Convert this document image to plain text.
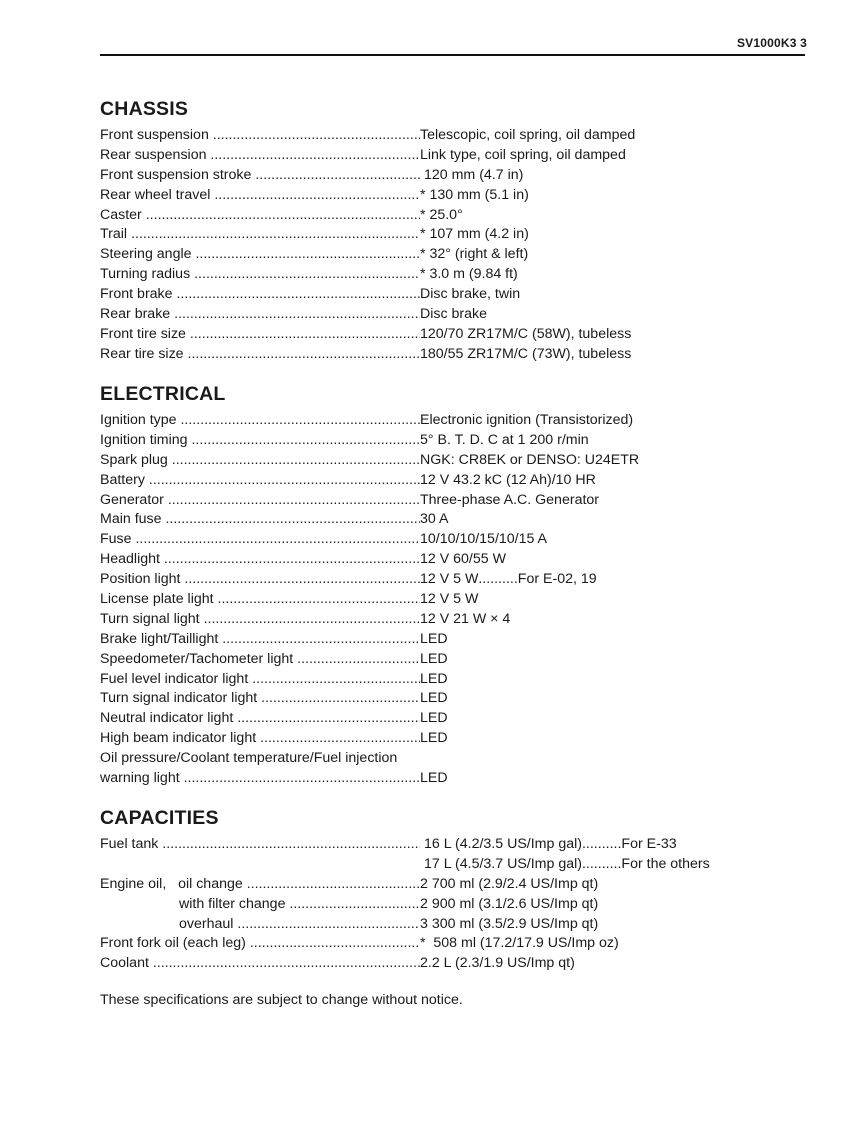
SV1000K3 3
CHASSIS
Front suspension .....	Telescopic, coil spring, oil damped
Rear suspension .....	Link type, coil spring, oil damped
Front suspension stroke .....	120 mm (4.7 in)
Rear wheel travel .....	* 130 mm (5.1 in)
Caster .....	* 25.0°
Trail .....	* 107 mm (4.2 in)
Steering angle .....	* 32° (right & left)
Turning radius .....	* 3.0 m (9.84 ft)
Front brake .....	Disc brake, twin
Rear brake .....	Disc brake
Front tire size .....	120/70 ZR17M/C (58W), tubeless
Rear tire size .....	180/55 ZR17M/C (73W), tubeless
ELECTRICAL
Ignition type .....	Electronic ignition (Transistorized)
Ignition timing .....	5° B. T. D. C at 1 200 r/min
Spark plug .....	NGK: CR8EK or DENSO: U24ETR
Battery .....	12 V 43.2 kC (12 Ah)/10 HR
Generator .....	Three-phase A.C. Generator
Main fuse .....	30 A
Fuse .....	10/10/10/15/10/15 A
Headlight .....	12 V 60/55 W
Position light .....	12 V 5 W .....	For E-02, 19
License plate light .....	12 V 5 W
Turn signal light .....	12 V 21 W × 4
Brake light/Taillight .....	LED
Speedometer/Tachometer light .....	LED
Fuel level indicator light .....	LED
Turn signal indicator light .....	LED
Neutral indicator light .....	LED
High beam indicator light .....	LED
Oil pressure/Coolant temperature/Fuel injection
warning light .....	LED
CAPACITIES
Fuel tank .....	16 L (4.2/3.5 US/Imp gal) .....	For E-33
17 L (4.5/3.7 US/Imp gal) .....	For the others
Engine oil,   oil change .....	2 700 ml (2.9/2.4 US/Imp qt)
with filter change .....	2 900 ml (3.1/2.6 US/Imp qt)
overhaul .....	3 300 ml (3.5/2.9 US/Imp qt)
Front fork oil (each leg) .....	*  508 ml (17.2/17.9 US/Imp oz)
Coolant .....	2.2 L (2.3/1.9 US/Imp qt)

These specifications are subject to change without notice.
